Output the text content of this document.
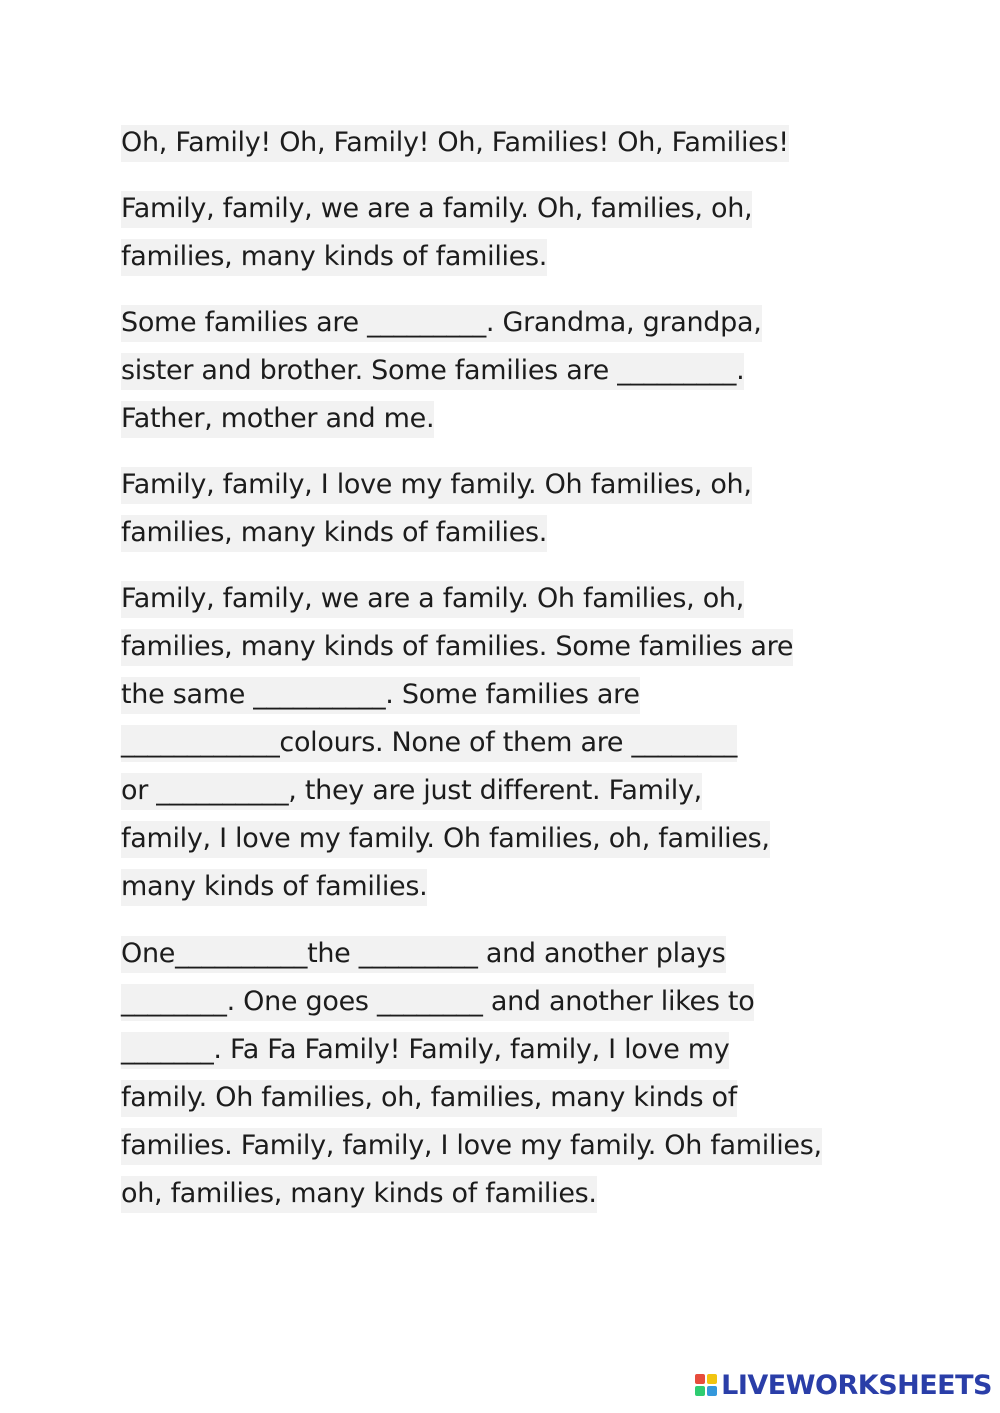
Oh, Family! Oh, Family! Oh, Families! Oh, Families!
Family, family, we are a family. Oh, families, oh,
families, many kinds of families.
Some families are _________. Grandma, grandpa,
sister and brother. Some families are _________.
Father, mother and me.
Family, family, I love my family. Oh families, oh,
families, many kinds of families.
Family, family, we are a family. Oh families, oh,
families, many kinds of families. Some families are
the same __________. Some families are
____________colours. None of them are ________
or __________, they are just different. Family,
family, I love my family. Oh families, oh, families,
many kinds of families.
One__________the _________ and another plays
________. One goes ________ and another likes to
_______. Fa Fa Family! Family, family, I love my
family. Oh families, oh, families, many kinds of
families. Family, family, I love my family. Oh families,
oh, families, many kinds of families.
LIVEWORKSHEETS
